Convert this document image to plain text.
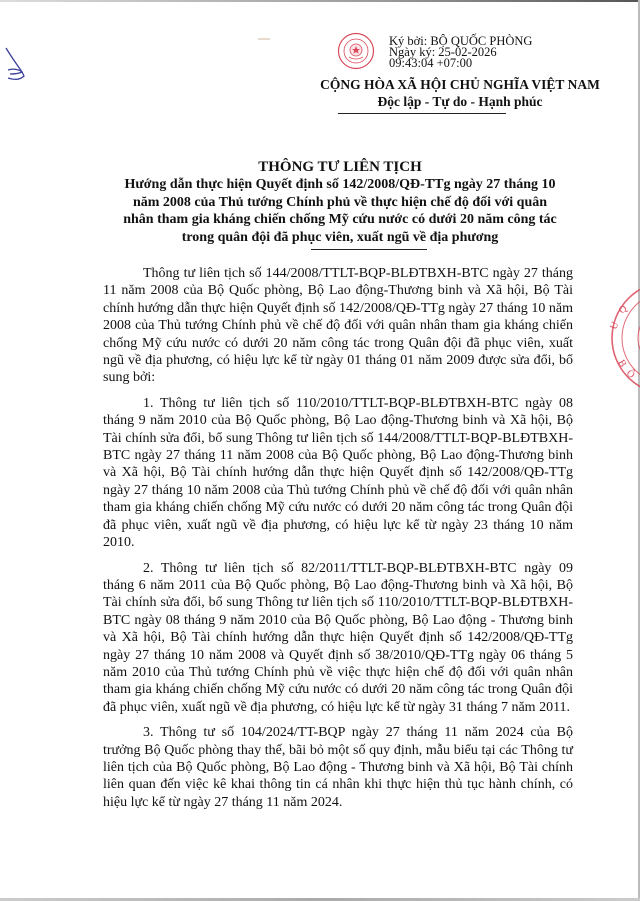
Ký bởi: BỘ QUỐC PHÒNG
Ngày ký: 25-02-2026
09:43:04 +07:00
CỘNG HÒA XÃ HỘI CHỦ NGHĨA VIỆT NAM
Độc lập - Tự do - Hạnh phúc
THÔNG TƯ LIÊN TỊCH
Hướng dẫn thực hiện Quyết định số 142/2008/QĐ-TTg ngày 27 tháng 10 năm 2008 của Thủ tướng Chính phủ về thực hiện chế độ đối với quân nhân tham gia kháng chiến chống Mỹ cứu nước có dưới 20 năm công tác trong quân đội đã phục viên, xuất ngũ về địa phương

Thông tư liên tịch số 144/2008/TTLT-BQP-BLĐTBXH-BTC ngày 27 tháng 11 năm 2008 của Bộ Quốc phòng, Bộ Lao động-Thương binh và Xã hội, Bộ Tài chính hướng dẫn thực hiện Quyết định số 142/2008/QĐ-TTg ngày 27 tháng 10 năm 2008 của Thủ tướng Chính phủ về chế độ đối với quân nhân tham gia kháng chiến chống Mỹ cứu nước có dưới 20 năm công tác trong Quân đội đã phục viên, xuất ngũ về địa phương, có hiệu lực kể từ ngày 01 tháng 01 năm 2009 được sửa đổi, bổ sung bởi:

1. Thông tư liên tịch số 110/2010/TTLT-BQP-BLĐTBXH-BTC ngày 08 tháng 9 năm 2010 của Bộ Quốc phòng, Bộ Lao động-Thương binh và Xã hội, Bộ Tài chính sửa đổi, bổ sung Thông tư liên tịch số 144/2008/TTLT-BQP-BLĐTBXH-BTC ngày 27 tháng 11 năm 2008 của Bộ Quốc phòng, Bộ Lao động-Thương binh và Xã hội, Bộ Tài chính hướng dẫn thực hiện Quyết định số 142/2008/QĐ-TTg ngày 27 tháng 10 năm 2008 của Thủ tướng Chính phủ về chế độ đối với quân nhân tham gia kháng chiến chống Mỹ cứu nước có dưới 20 năm công tác trong Quân đội đã phục viên, xuất ngũ về địa phương, có hiệu lực kể từ ngày 23 tháng 10 năm 2010.

2. Thông tư liên tịch số 82/2011/TTLT-BQP-BLĐTBXH-BTC ngày 09 tháng 6 năm 2011 của Bộ Quốc phòng, Bộ Lao động-Thương binh và Xã hội, Bộ Tài chính sửa đổi, bổ sung Thông tư liên tịch số 110/2010/TTLT-BQP-BLĐTBXH-BTC ngày 08 tháng 9 năm 2010 của Bộ Quốc phòng, Bộ Lao động - Thương binh và Xã hội, Bộ Tài chính hướng dẫn thực hiện Quyết định số 142/2008/QĐ-TTg ngày 27 tháng 10 năm 2008 và Quyết định số 38/2010/QĐ-TTg ngày 06 tháng 5 năm 2010 của Thủ tướng Chính phủ về việc thực hiện chế độ đối với quân nhân tham gia kháng chiến chống Mỹ cứu nước có dưới 20 năm công tác trong Quân đội đã phục viên, xuất ngũ về địa phương, có hiệu lực kể từ ngày 31 tháng 7 năm 2011.

3. Thông tư số 104/2024/TT-BQP ngày 27 tháng 11 năm 2024 của Bộ trưởng Bộ Quốc phòng thay thế, bãi bỏ một số quy định, mẫu biểu tại các Thông tư liên tịch của Bộ Quốc phòng, Bộ Lao động - Thương binh và Xã hội, Bộ Tài chính liên quan đến việc kê khai thông tin cá nhân khi thực hiện thủ tục hành chính, có hiệu lực kể từ ngày 27 tháng 11 năm 2024.

Q
U
B
Ộ
